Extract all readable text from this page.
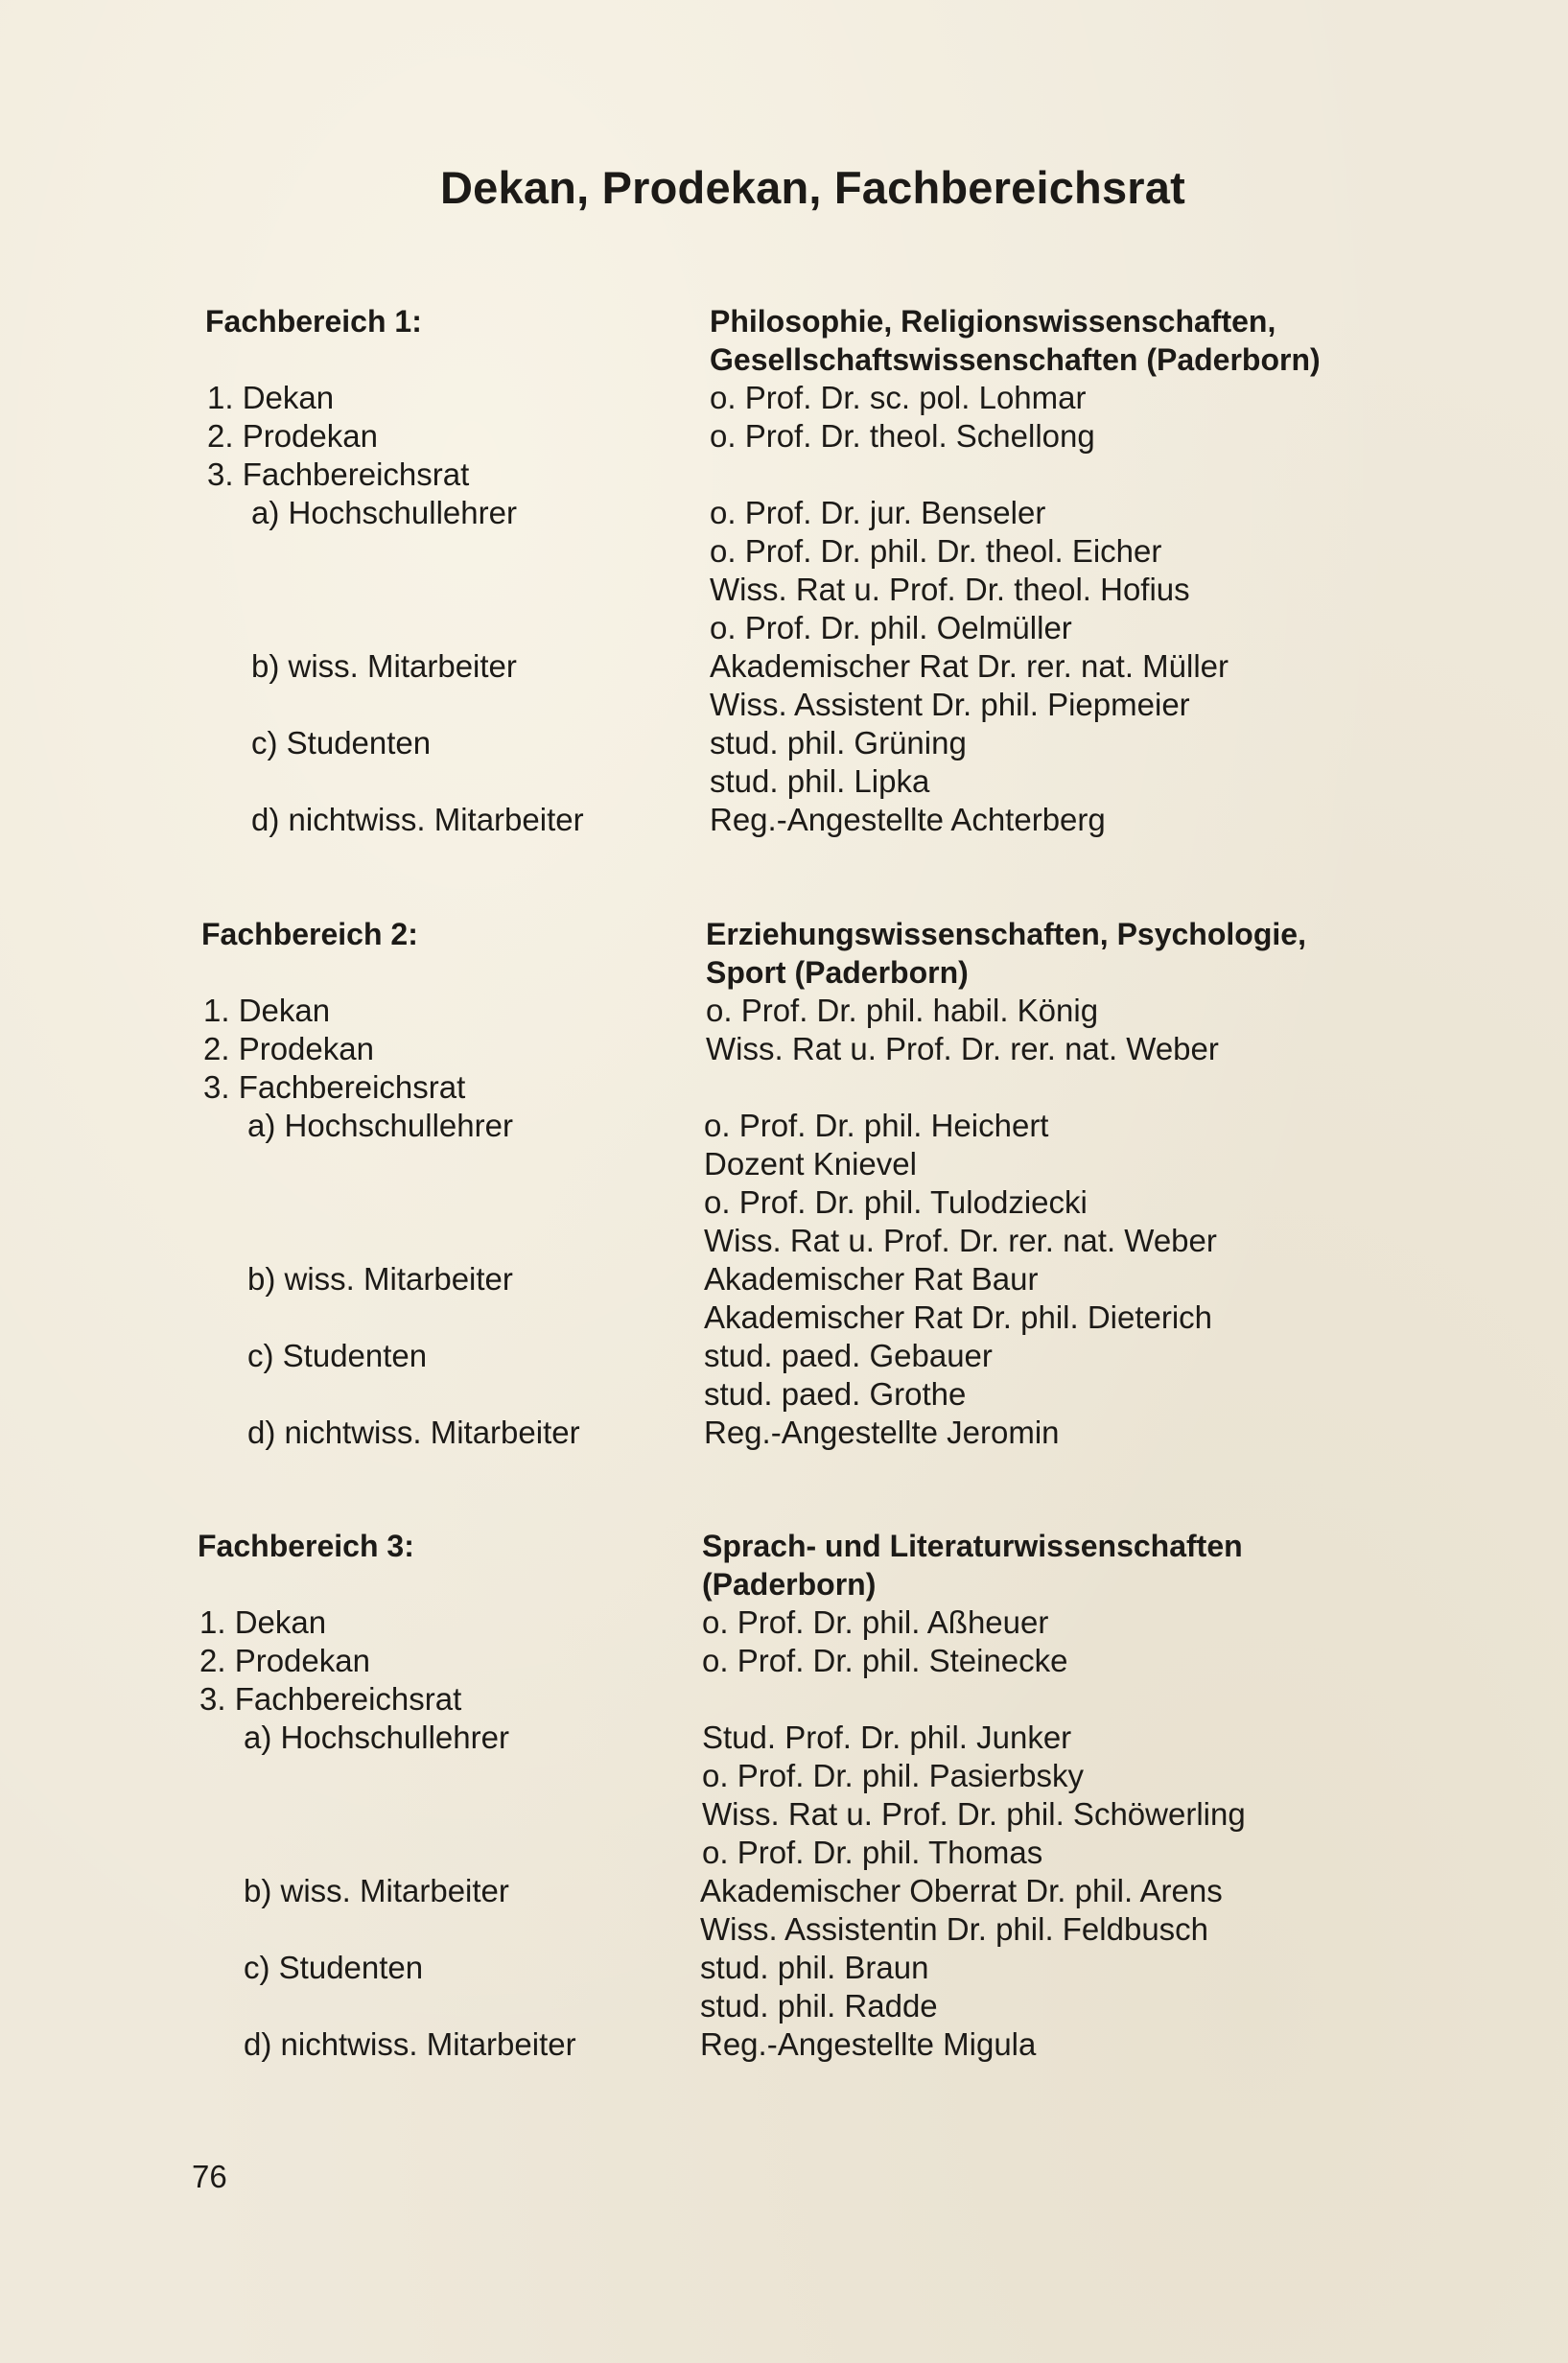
Dekan, Prodekan, Fachbereichsrat
Fachbereich 1:	Philosophie, Religionswissenschaften,
Gesellschaftswissenschaften (Paderborn)
1. Dekan	o. Prof. Dr. sc. pol. Lohmar
2. Prodekan	o. Prof. Dr. theol. Schellong
3. Fachbereichsrat
a) Hochschullehrer	o. Prof. Dr. jur. Benseler
o. Prof. Dr. phil. Dr. theol. Eicher
Wiss. Rat u. Prof. Dr. theol. Hofius
o. Prof. Dr. phil. Oelmüller
b) wiss. Mitarbeiter	Akademischer Rat Dr. rer. nat. Müller
Wiss. Assistent Dr. phil. Piepmeier
c) Studenten	stud. phil. Grüning
stud. phil. Lipka
d) nichtwiss. Mitarbeiter	Reg.-Angestellte Achterberg
Fachbereich 2:	Erziehungswissenschaften, Psychologie,
Sport (Paderborn)
1. Dekan	o. Prof. Dr. phil. habil. König
2. Prodekan	Wiss. Rat u. Prof. Dr. rer. nat. Weber
3. Fachbereichsrat
a) Hochschullehrer	o. Prof. Dr. phil. Heichert
Dozent Knievel
o. Prof. Dr. phil. Tulodziecki
Wiss. Rat u. Prof. Dr. rer. nat. Weber
b) wiss. Mitarbeiter	Akademischer Rat Baur
Akademischer Rat Dr. phil. Dieterich
c) Studenten	stud. paed. Gebauer
stud. paed. Grothe
d) nichtwiss. Mitarbeiter	Reg.-Angestellte Jeromin
Fachbereich 3:	Sprach- und Literaturwissenschaften
(Paderborn)
1. Dekan	o. Prof. Dr. phil. Aßheuer
2. Prodekan	o. Prof. Dr. phil. Steinecke
3. Fachbereichsrat
a) Hochschullehrer	Stud. Prof. Dr. phil. Junker
o. Prof. Dr. phil. Pasierbsky
Wiss. Rat u. Prof. Dr. phil. Schöwerling
o. Prof. Dr. phil. Thomas
b) wiss. Mitarbeiter	Akademischer Oberrat Dr. phil. Arens
Wiss. Assistentin Dr. phil. Feldbusch
c) Studenten	stud. phil. Braun
stud. phil. Radde
d) nichtwiss. Mitarbeiter	Reg.-Angestellte Migula
76
